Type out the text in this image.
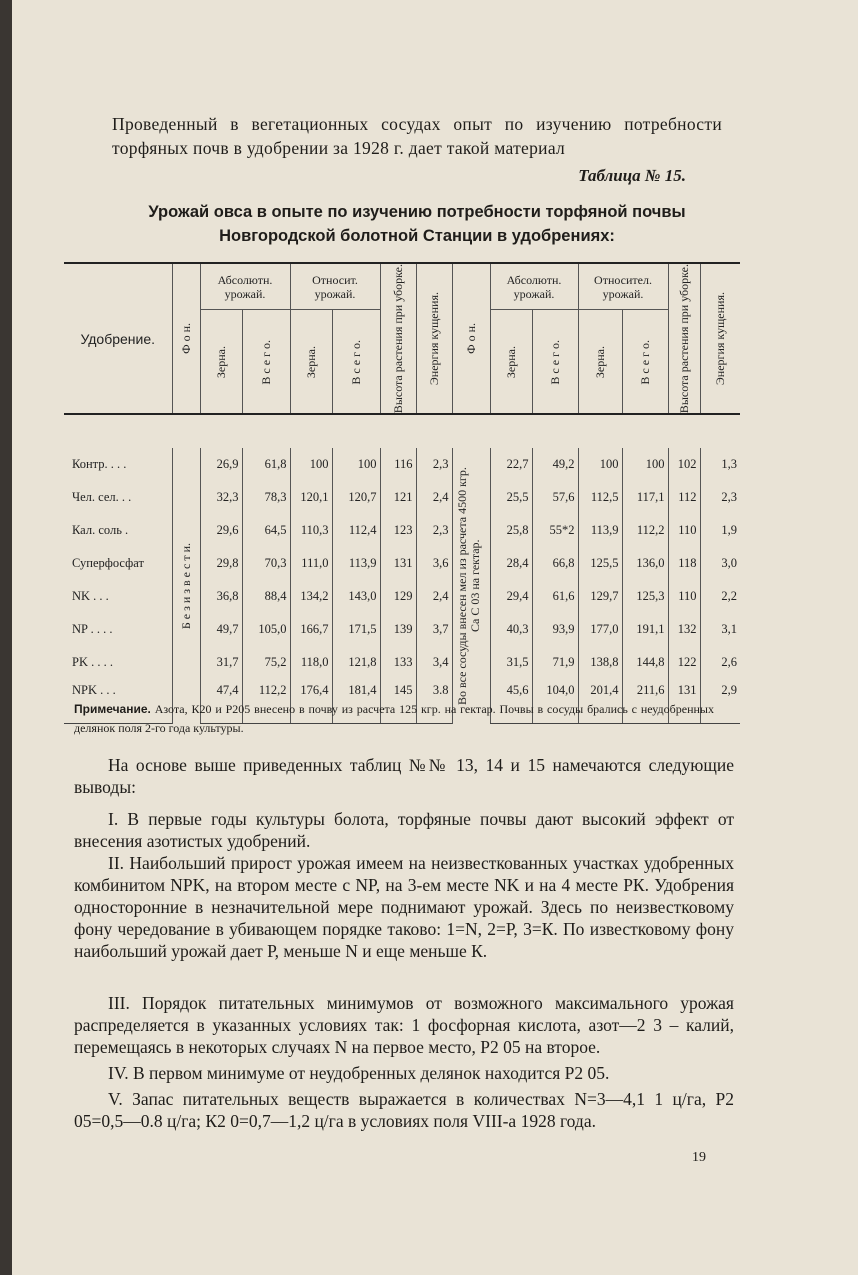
Проведенный в вегетационных сосудах опыт по изучению потребности торфяных почв в удобрении за 1928 г. дает такой материал
Таблица № 15.
Урожай овса в опыте по изучению потребности торфяной почвы
Новгородской болотной Станции в удобрениях:
Удобрение.	Ф о н.	Абсолютн. урожай.		Относит. урожай.		Высота растения при уборке.	Энергия кущения.	Ф о н.	Абсолютн. урожай.		Относител. урожай.		Высота растения при уборке.	Энергия кущения.

		Зерна.	В с е г о.	Зерна.	В с е г о.				Зерна.	В с е г о.	Зерна.	В с е г о.		

Контр. . . .	Б е з и з в е с т и.	26,9	61,8	100	100	116	2,3	Во все сосуды внесен мел из расчета 4500 кгр. Са С 03 на гектар.	22,7	49,2	100	100	102	1,3
Чел. сел. . .		32,3	78,3	120,1	120,7	121	2,4		25,5	57,6	112,5	117,1	112	2,3
Кал. соль .		29,6	64,5	110,3	112,4	123	2,3		25,8	55*2	113,9	112,2	110	1,9
Суперфосфат		29,8	70,3	111,0	113,9	131	3,6		28,4	66,8	125,5	136,0	118	3,0
NK . . .		36,8	88,4	134,2	143,0	129	2,4		29,4	61,6	129,7	125,3	110	2,2
NP . . . .		49,7	105,0	166,7	171,5	139	3,7		40,3	93,9	177,0	191,1	132	3,1
PK . . . .		31,7	75,2	118,0	121,8	133	3,4		31,5	71,9	138,8	144,8	122	2,6
NPK . . .		47,4	112,2	176,4	181,4	145	3.8		45,6	104,0	201,4	211,6	131	2,9
Примечание. Азота, К20 и Р205 внесено в почву из расчета 125 кгр. на гектар. Почвы в сосуды брались с неудобренных делянок поля 2-го года культуры.
На основе выше приведенных таблиц №№ 13, 14 и 15 намечаются следующие выводы:
I. В первые годы культуры болота, торфяные почвы дают высокий эффект от внесения азотистых удобрений.
II. Наибольший прирост урожая имеем на неизвесткованных участках удобренных комбинитом NPK, на втором месте с NP, на 3-ем месте NK и на 4 месте РК. Удобрения односторонние в незначительной мере поднимают урожай. Здесь по неизвестковому фону чередование в убивающем порядке таково: 1=N, 2=Р, 3=К. По известковому фону наибольший урожай дает Р, меньше N и еще меньше К.
III. Порядок питательных минимумов от возможного максимального урожая распределяется в указанных условиях так: 1 фосфорная кислота, азот—2 3 – калий, перемещаясь в некоторых случаях N на первое место, Р2 05 на второе.
IV. В первом минимуме от неудобренных делянок находится Р2 05.
V. Запас питательных веществ выражается в количествах N=3—4,1 1 ц/га, Р2 05=0,5—0.8 ц/га; К2 0=0,7—1,2 ц/га в условиях поля VIII-а 1928 года.
19
